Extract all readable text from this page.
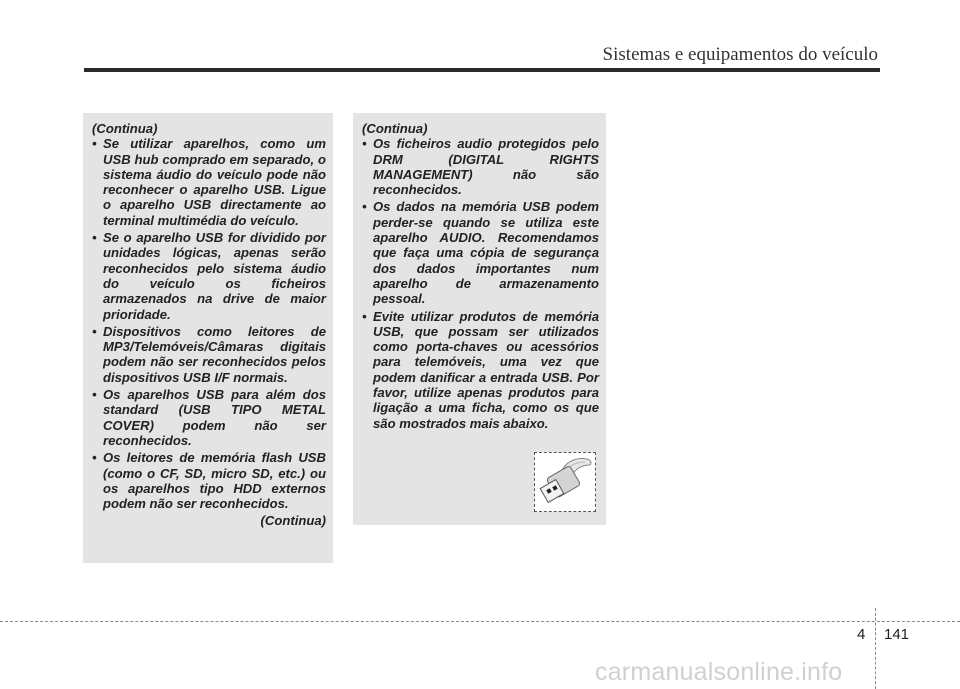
Sistemas e equipamentos do veículo

(Continua)

• Se utilizar aparelhos, como um USB hub comprado em separado, o sistema áudio do veículo pode não reconhecer o aparelho USB. Ligue o aparelho USB directamente ao terminal multimédia do veículo.
• Se o aparelho USB for dividido por unidades lógicas, apenas serão reconhecidos pelo sistema áudio do veículo os ficheiros armazenados na drive de maior prioridade.
• Dispositivos como leitores de MP3/Telemóveis/Câmaras digitais podem não ser reconhecidos pelos dispositivos USB I/F normais.
• Os aparelhos USB para além dos standard (USB TIPO METAL COVER) podem não ser reconhecidos.
• Os leitores de memória flash USB (como o CF, SD, micro SD, etc.) ou os aparelhos tipo HDD externos podem não ser reconhecidos.

(Continua)

(Continua)

• Os ficheiros audio protegidos pelo DRM (DIGITAL RIGHTS MANAGEMENT) não são reconhecidos.
• Os dados na memória USB podem perder-se quando se utiliza este aparelho AUDIO. Recomendamos que faça uma cópia de segurança dos dados importantes num aparelho de armazenamento pessoal.
• Evite utilizar produtos de memória USB, que possam ser utilizados como porta-chaves ou acessórios para telemóveis, uma vez que podem danificar a entrada USB. Por favor, utilize apenas produtos para ligação a uma ficha, como os que são mostrados mais abaixo.
4 141
carmanualsonline.info
